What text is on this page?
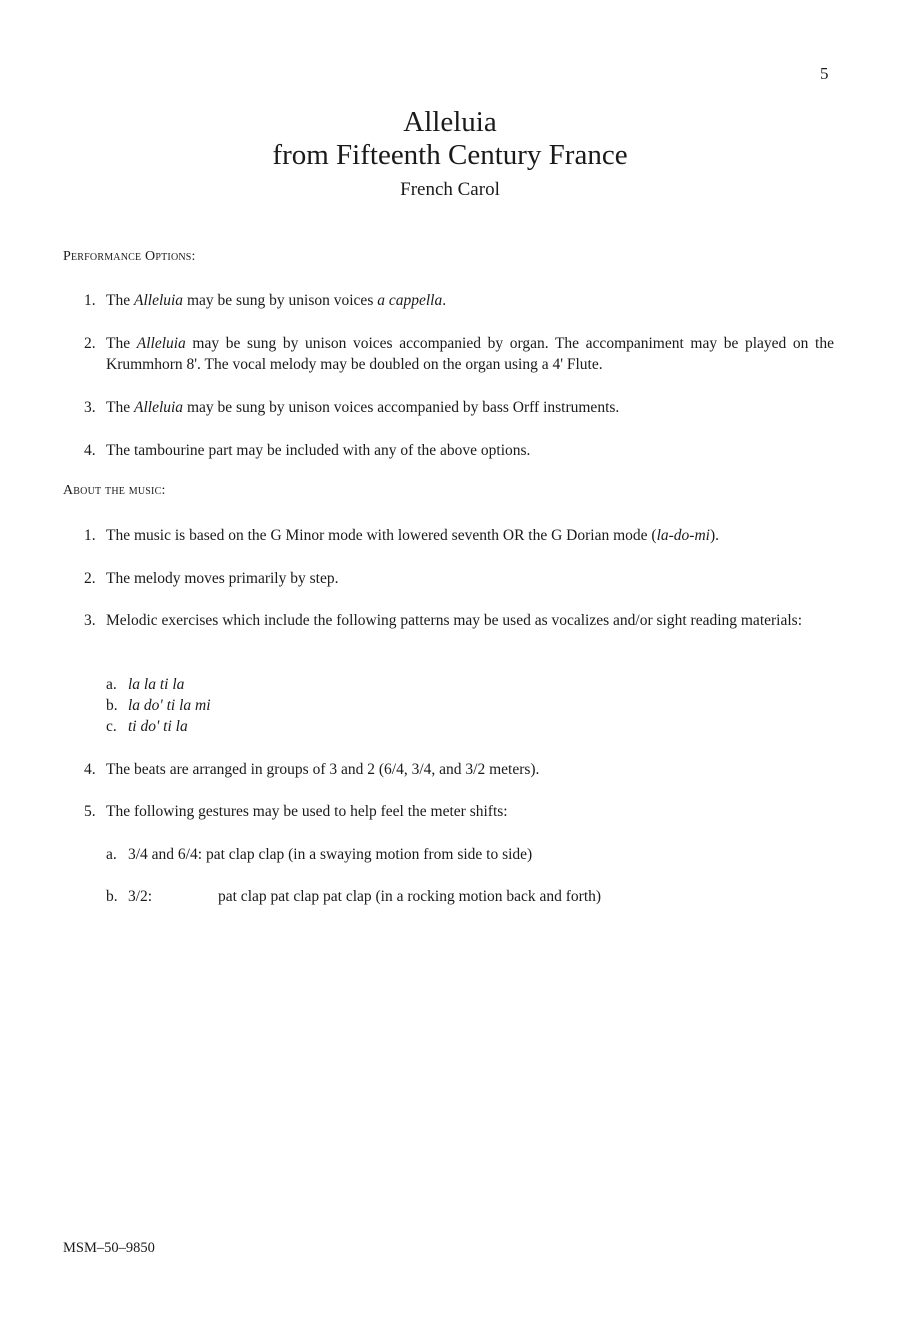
5
Alleluia
from Fifteenth Century France
French Carol
Performance Options:
1. The Alleluia may be sung by unison voices a cappella.
2. The Alleluia may be sung by unison voices accompanied by organ. The accompaniment may be played on the Krummhorn 8'. The vocal melody may be doubled on the organ using a 4' Flute.
3. The Alleluia may be sung by unison voices accompanied by bass Orff instruments.
4. The tambourine part may be included with any of the above options.
About the music:
1. The music is based on the G Minor mode with lowered seventh OR the G Dorian mode (la-do-mi).
2. The melody moves primarily by step.
3. Melodic exercises which include the following patterns may be used as vocalizes and/or sight reading materials:
a. la la ti la
b. la do' ti la mi
c. ti do' ti la
4. The beats are arranged in groups of 3 and 2 (6/4, 3/4, and 3/2 meters).
5. The following gestures may be used to help feel the meter shifts:
a. 3/4 and 6/4: pat clap clap (in a swaying motion from side to side)
b. 3/2:	pat clap pat clap pat clap (in a rocking motion back and forth)
MSM–50–9850
